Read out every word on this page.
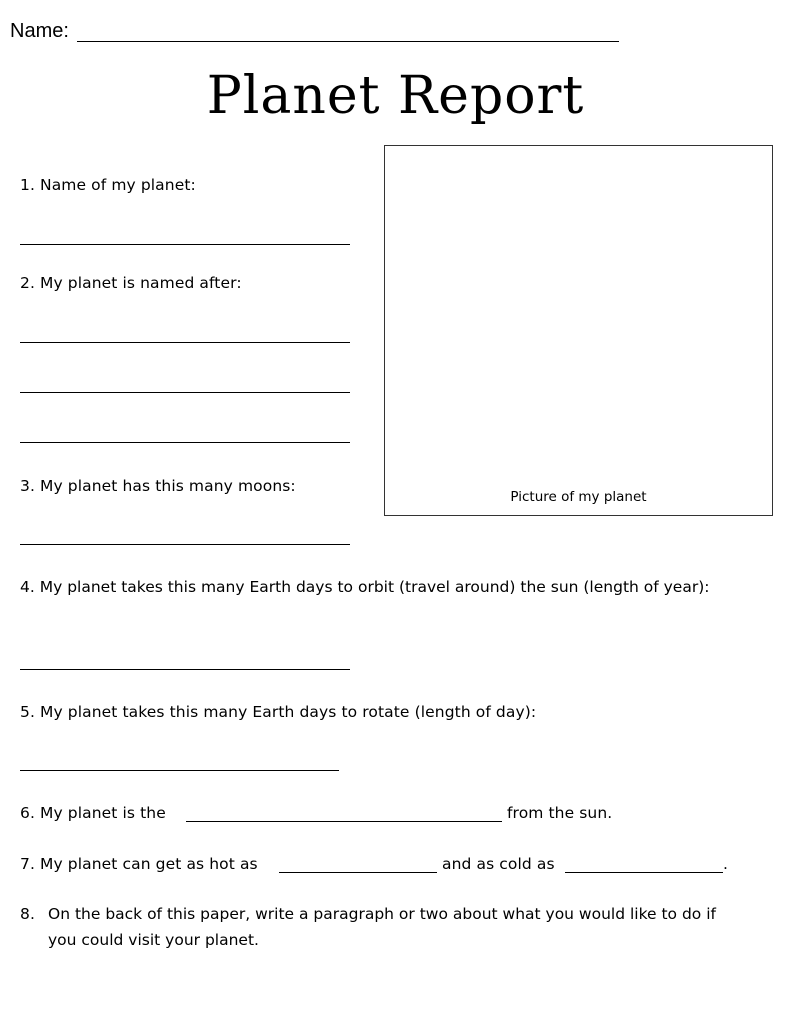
Name:
Planet Report
Picture of my planet
1. Name of my planet:
2. My planet is named after:
3. My planet has this many moons:
4. My planet takes this many Earth days to orbit (travel around) the sun (length of year):
5. My planet takes this many Earth days to rotate (length of day):
6. My planet is the	from the sun.
7. My planet can get as hot as	and as cold as	.
8. On the back of this paper, write a paragraph or two about what you would like to do if you could visit your planet.
